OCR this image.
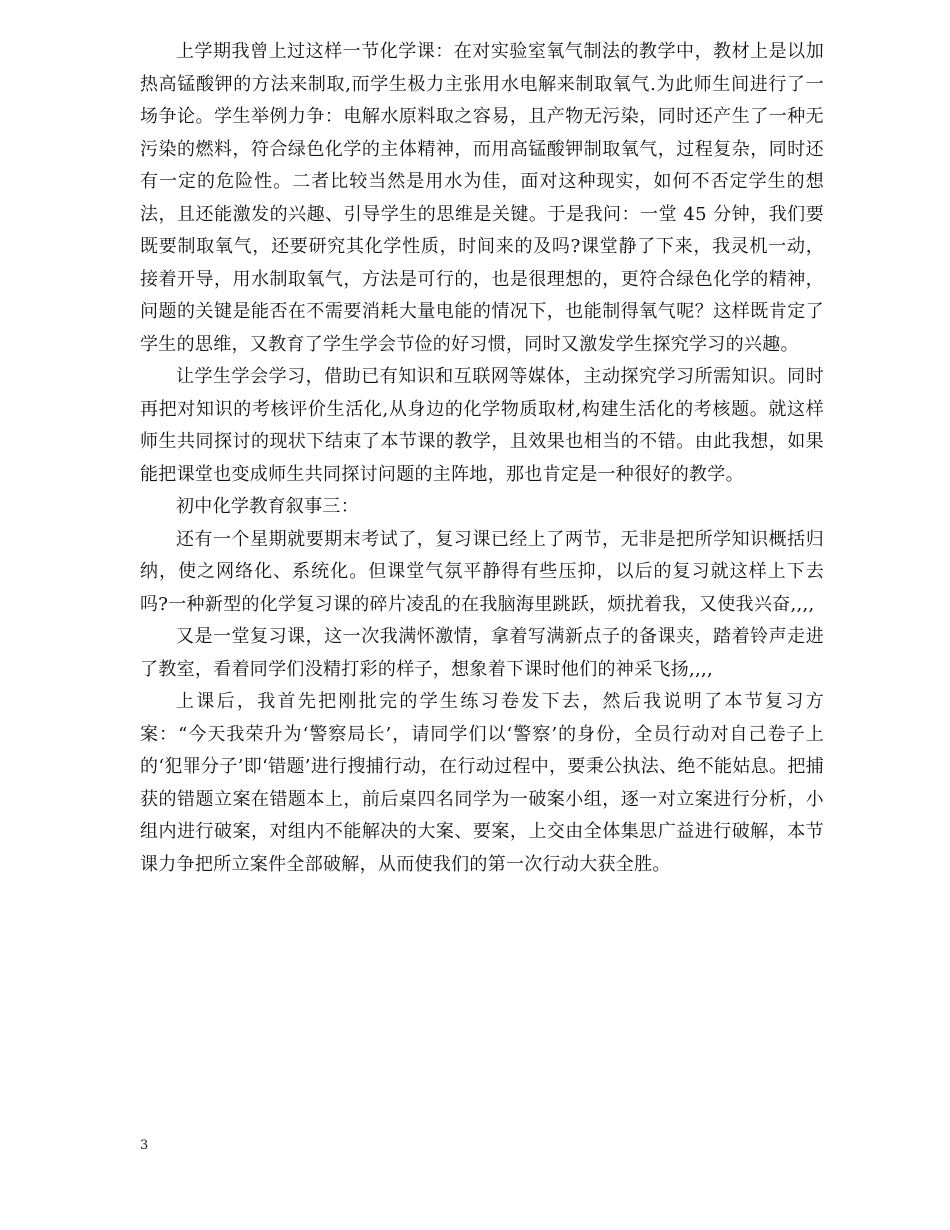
上学期我曾上过这样一节化学课：在对实验室氧气制法的教学中，教材上是以加热高锰酸钾的方法来制取,而学生极力主张用水电解来制取氧气.为此师生间进行了一场争论。学生举例力争：电解水原料取之容易，且产物无污染，同时还产生了一种无污染的燃料，符合绿色化学的主体精神，而用高锰酸钾制取氧气，过程复杂，同时还有一定的危险性。二者比较当然是用水为佳，面对这种现实，如何不否定学生的想法，且还能激发的兴趣、引导学生的思维是关键。于是我问：一堂 45 分钟，我们要既要制取氧气，还要研究其化学性质，时间来的及吗?课堂静了下来，我灵机一动，接着开导，用水制取氧气，方法是可行的，也是很理想的，更符合绿色化学的精神，问题的关键是能否在不需要消耗大量电能的情况下，也能制得氧气呢？这样既肯定了学生的思维，又教育了学生学会节俭的好习惯，同时又激发学生探究学习的兴趣。

让学生学会学习，借助已有知识和互联网等媒体，主动探究学习所需知识。同时再把对知识的考核评价生活化,从身边的化学物质取材,构建生活化的考核题。就这样师生共同探讨的现状下结束了本节课的教学，且效果也相当的不错。由此我想，如果能把课堂也变成师生共同探讨问题的主阵地，那也肯定是一种很好的教学。

初中化学教育叙事三：

还有一个星期就要期末考试了，复习课已经上了两节，无非是把所学知识概括归纳，使之网络化、系统化。但课堂气氛平静得有些压抑，以后的复习就这样上下去吗?一种新型的化学复习课的碎片凌乱的在我脑海里跳跃，烦扰着我，又使我兴奋,,,,

又是一堂复习课，这一次我满怀激情，拿着写满新点子的备课夹，踏着铃声走进了教室，看着同学们没精打彩的样子，想象着下课时他们的神采飞扬,,,,

上课后，我首先把刚批完的学生练习卷发下去，然后我说明了本节复习方案：“今天我荣升为‘警察局长’，请同学们以‘警察’的身份，全员行动对自己卷子上的‘犯罪分子’即‘错题’进行搜捕行动，在行动过程中，要秉公执法、绝不能姑息。把捕获的错题立案在错题本上，前后桌四名同学为一破案小组，逐一对立案进行分析，小组内进行破案，对组内不能解决的大案、要案，上交由全体集思广益进行破解，本节课力争把所立案件全部破解，从而使我们的第一次行动大获全胜。

3
